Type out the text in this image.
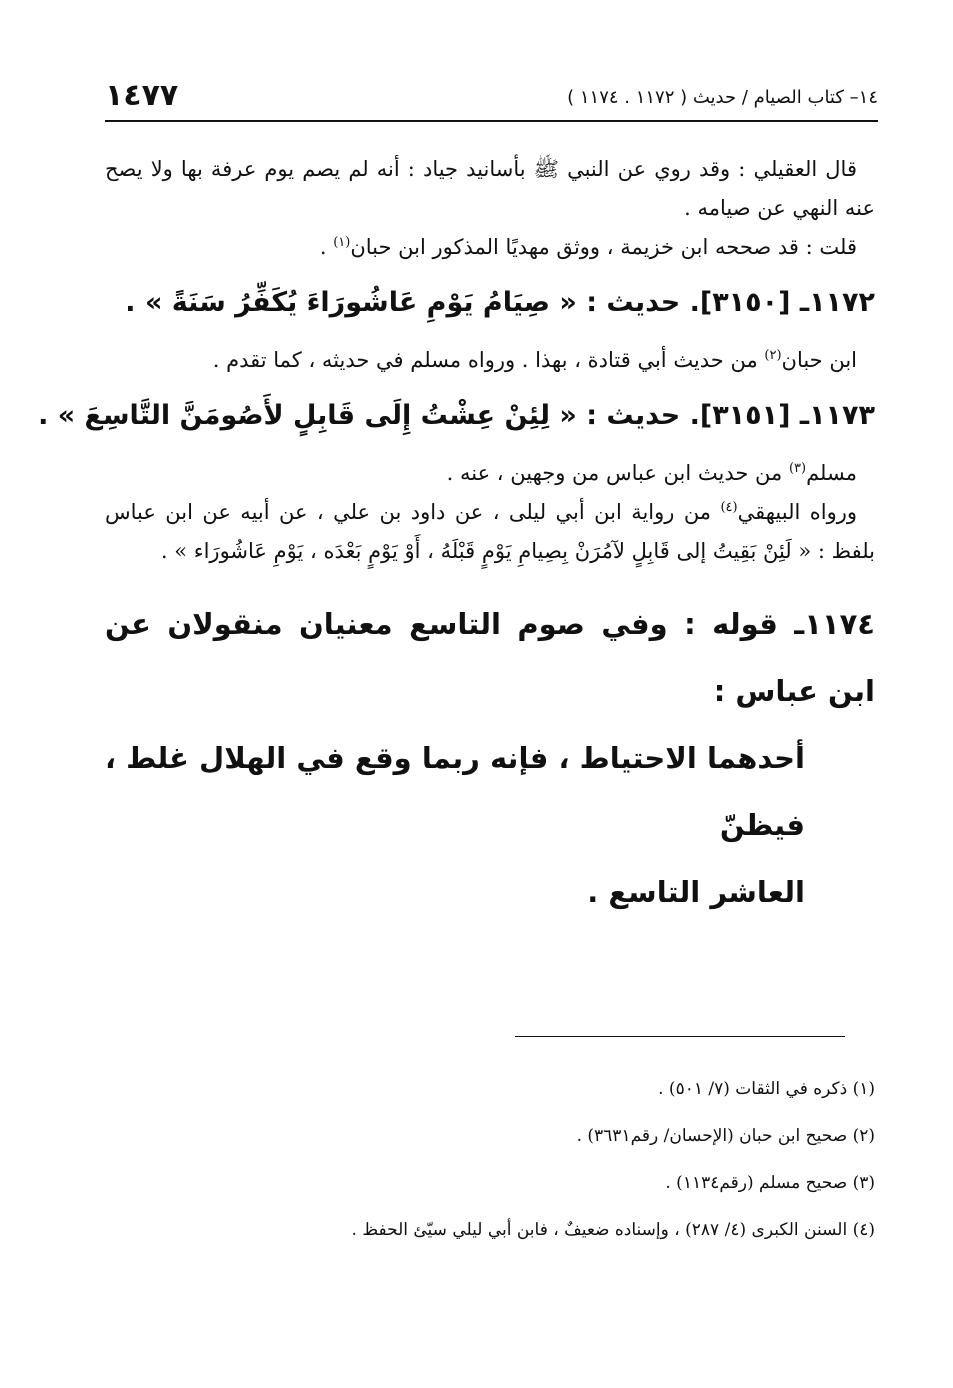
١٤– كتاب الصيام / حديث ( ١١٧٢ . ١١٧٤ )
١٤٧٧

قال العقيلي : وقد روي عن النبي ﷺ بأسانيد جياد : أنه لم يصم يوم عرفة بها ولا يصح عنه النهي عن صيامه .

قلت : قد صححه ابن خزيمة ، ووثق مهديًا المذكور ابن حبان$^{(١)}$ .

١١٧٢ـ [٣١٥٠]. حديث : « صِيَامُ يَوْمِ عَاشُورَاءَ يُكَفِّرُ سَنَةً » .

ابن حبان$^{(٢)}$ من حديث أبي قتادة ، بهذا . ورواه مسلم في حديثه ، كما تقدم .

١١٧٣ـ [٣١٥١]. حديث : « لِئِنْ عِشْتُ إِلَى قَابِلٍ لأَصُومَنَّ التَّاسِعَ » .

مسلم$^{(٣)}$ من حديث ابن عباس من وجهين ، عنه .

ورواه البيهقي$^{(٤)}$ من رواية ابن أبي ليلى ، عن داود بن علي ، عن أبيه عن ابن عباس بلفظ : « لَئِنْ بَقِيتُ إلى قَابِلٍ لآمُرَنْ بِصِيامِ يَوْمٍ قَبْلَهُ ، أَوْ يَوْمٍ بَعْدَه ، يَوْمِ عَاشُورَاء » .

١١٧٤ـ قوله : وفي صوم التاسع معنيان منقولان عن ابن عباس :
أحدهما الاحتياط ، فإنه ربما وقع في الهلال غلط ، فيظنّ
العاشر التاسع .

(١) ذكره في الثقات (٧/ ٥٠١) .

(٢) صحيح ابن حبان (الإحسان/ رقم٣٦٣١) .

(٣) صحيح مسلم (رقم١١٣٤) .

(٤) السنن الكبرى (٤/ ٢٨٧) ، وإسناده ضعيفٌ ، فابن أبي ليلي سيّئ الحفظ .
